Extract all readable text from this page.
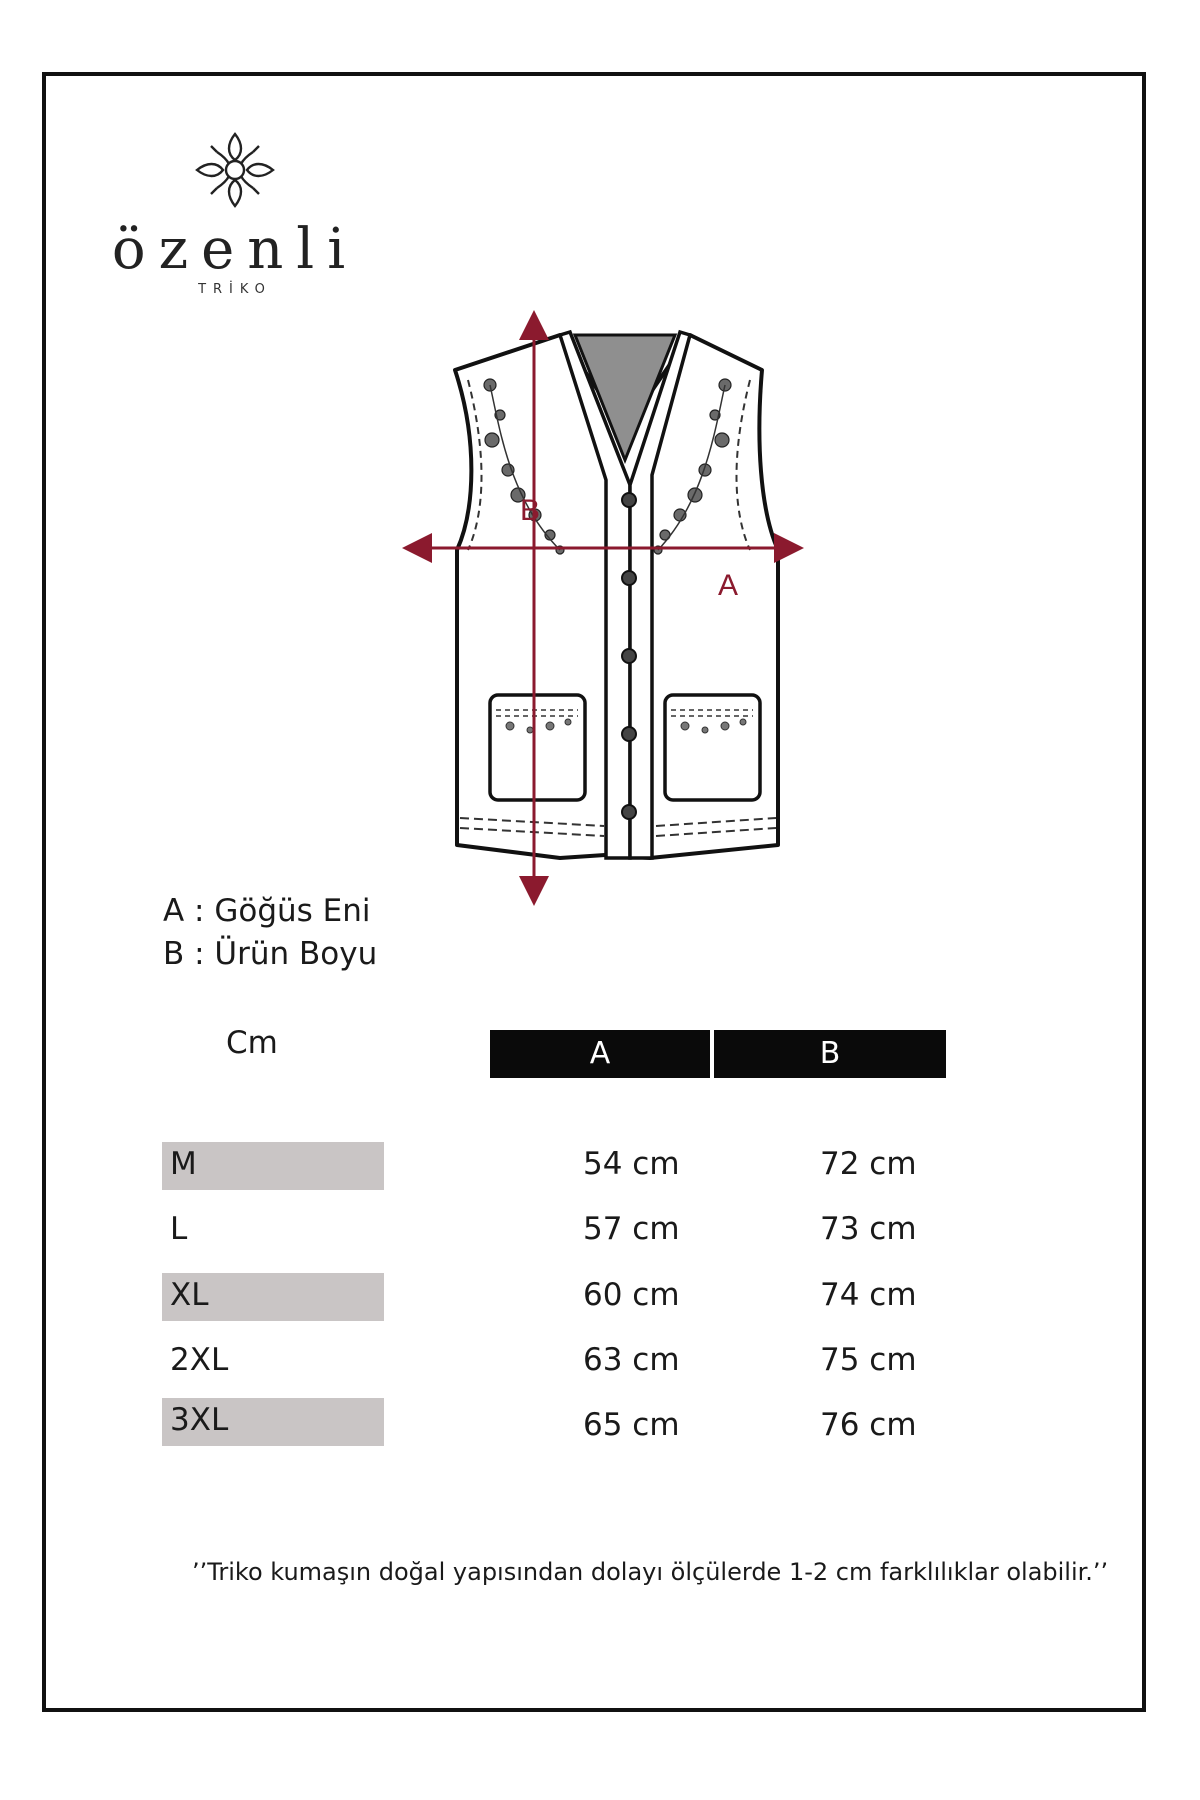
özenli
TRİKO
B
A
A : Göğüs Eni
B : Ürün Boyu
Cm	A	B
M	54 cm	72 cm
L	57 cm	73 cm
XL	60 cm	74 cm
2XL	63 cm	75 cm
3XL	65 cm	76 cm
’’Triko kumaşın doğal yapısından dolayı ölçülerde 1-2 cm farklılıklar olabilir.’’
